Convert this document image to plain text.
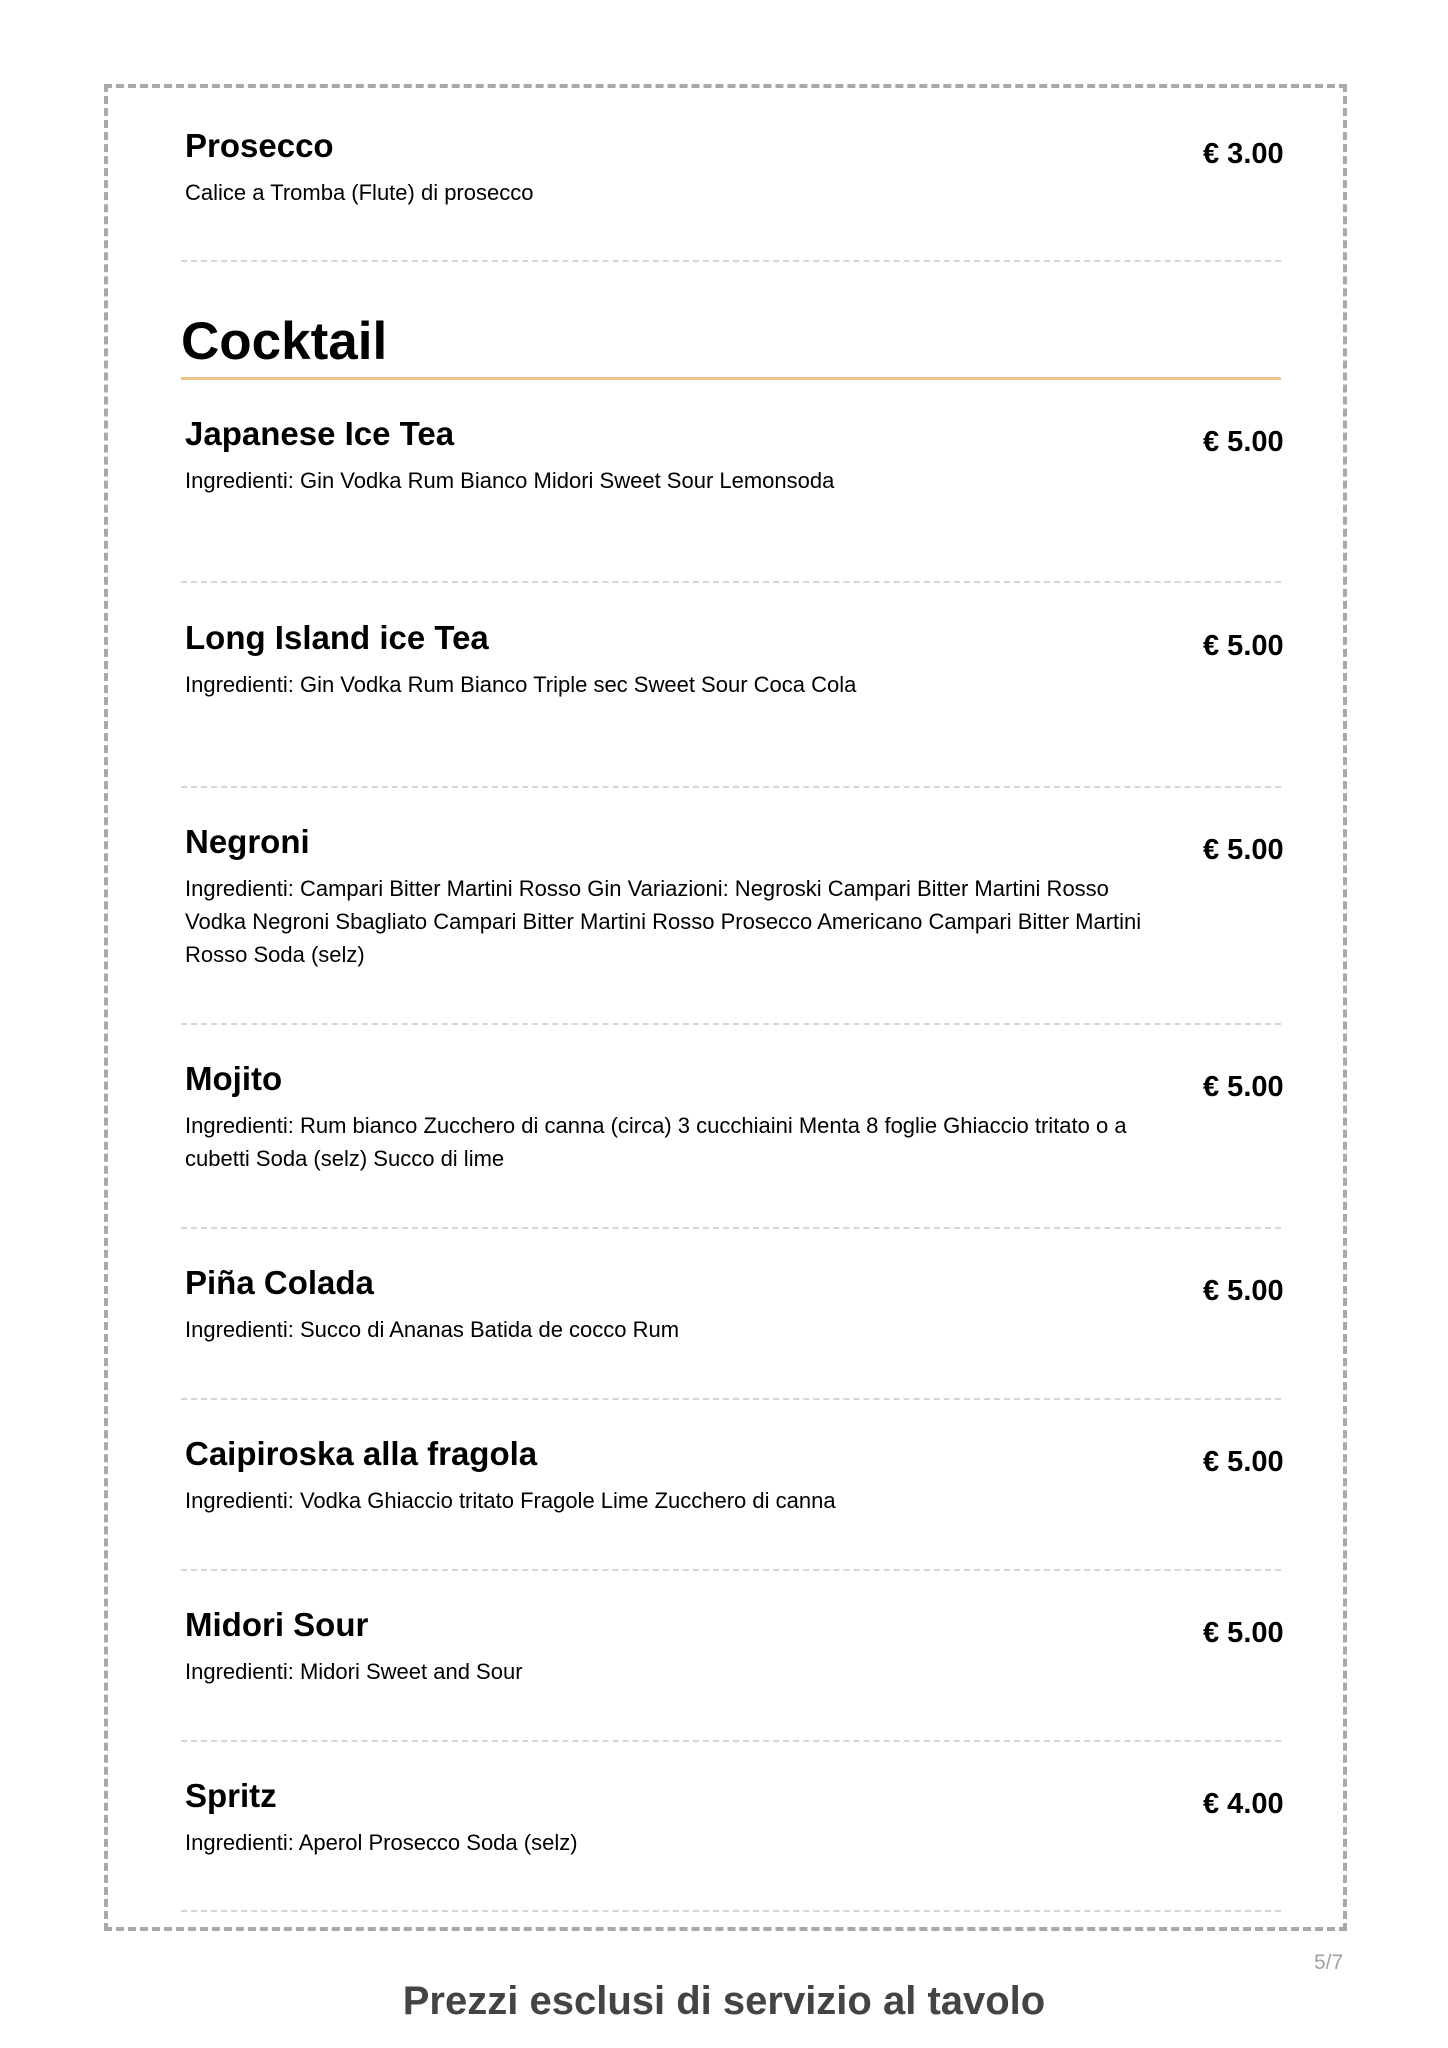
Prosecco	€ 3.00
Calice a Tromba (Flute) di prosecco
Cocktail
Japanese Ice Tea	€ 5.00
Ingredienti: Gin Vodka Rum Bianco Midori Sweet Sour Lemonsoda
Long Island ice Tea	€ 5.00
Ingredienti: Gin Vodka Rum Bianco Triple sec Sweet Sour Coca Cola
Negroni	€ 5.00
Ingredienti: Campari Bitter Martini Rosso Gin Variazioni: Negroski Campari Bitter Martini Rosso Vodka Negroni Sbagliato Campari Bitter Martini Rosso Prosecco Americano Campari Bitter Martini Rosso Soda (selz)
Mojito	€ 5.00
Ingredienti: Rum bianco Zucchero di canna (circa) 3 cucchiaini Menta 8 foglie Ghiaccio tritato o a cubetti Soda (selz) Succo di lime
Piña Colada	€ 5.00
Ingredienti: Succo di Ananas Batida de cocco Rum
Caipiroska alla fragola	€ 5.00
Ingredienti: Vodka Ghiaccio tritato Fragole Lime Zucchero di canna
Midori Sour	€ 5.00
Ingredienti: Midori Sweet and Sour
Spritz	€ 4.00
Ingredienti: Aperol Prosecco Soda (selz)
5/7
Prezzi esclusi di servizio al tavolo
